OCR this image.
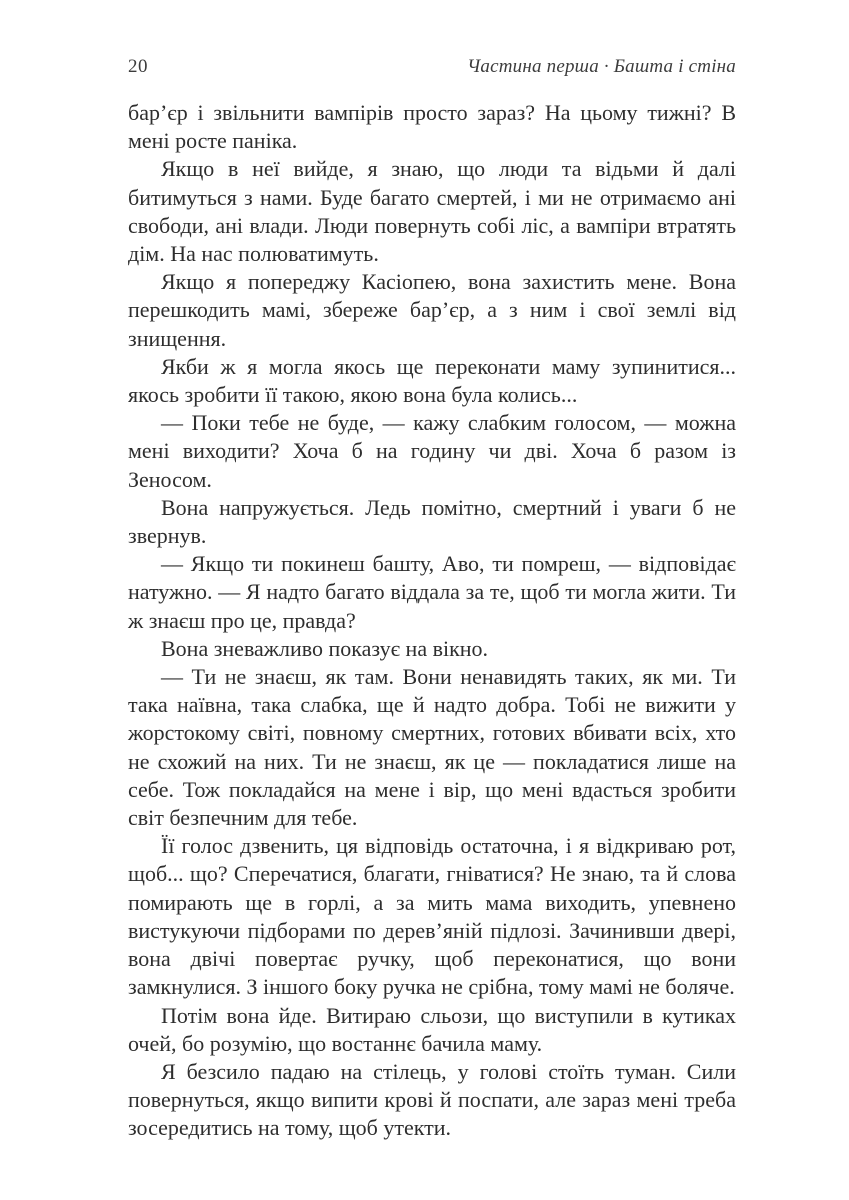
20	Частина перша · Башта і стіна

бар’єр і звільнити вампірів просто зараз? На цьому тижні? В мені росте паніка.

Якщо в неї вийде, я знаю, що люди та відьми й далі битимуться з нами. Буде багато смертей, і ми не отримаємо ані свободи, ані влади. Люди повернуть собі ліс, а вампіри втратять дім. На нас полюватимуть.

Якщо я попереджу Касіопею, вона захистить мене. Вона перешкодить мамі, збереже бар’єр, а з ним і свої землі від знищення.

Якби ж я могла якось ще переконати маму зупинитися... якось зробити її такою, якою вона була колись...

— Поки тебе не буде, — кажу слабким голосом, — можна мені виходити? Хоча б на годину чи дві. Хоча б разом із Зеносом.

Вона напружується. Ледь помітно, смертний і уваги б не звернув.

— Якщо ти покинеш башту, Аво, ти помреш, — відповідає натужно. — Я надто багато віддала за те, щоб ти могла жити. Ти ж знаєш про це, правда?

Вона зневажливо показує на вікно.

— Ти не знаєш, як там. Вони ненавидять таких, як ми. Ти така наївна, така слабка, ще й надто добра. Тобі не вижити у жорстокому світі, повному смертних, готових вбивати всіх, хто не схожий на них. Ти не знаєш, як це — покладатися лише на себе. Тож покладайся на мене і вір, що мені вдасться зробити світ безпечним для тебе.

Її голос дзвенить, ця відповідь остаточна, і я відкриваю рот, щоб... що? Сперечатися, благати, гніватися? Не знаю, та й слова помирають ще в горлі, а за мить мама виходить, упевнено вистукуючи підборами по дерев’яній підлозі. Зачинивши двері, вона двічі повертає ручку, щоб переконатися, що вони замкнулися. З іншого боку ручка не срібна, тому мамі не боляче.

Потім вона йде. Витираю сльози, що виступили в кутиках очей, бо розумію, що востаннє бачила маму.

Я безсило падаю на стілець, у голові стоїть туман. Сили повернуться, якщо випити крові й поспати, але зараз мені треба зосередитись на тому, щоб утекти.
